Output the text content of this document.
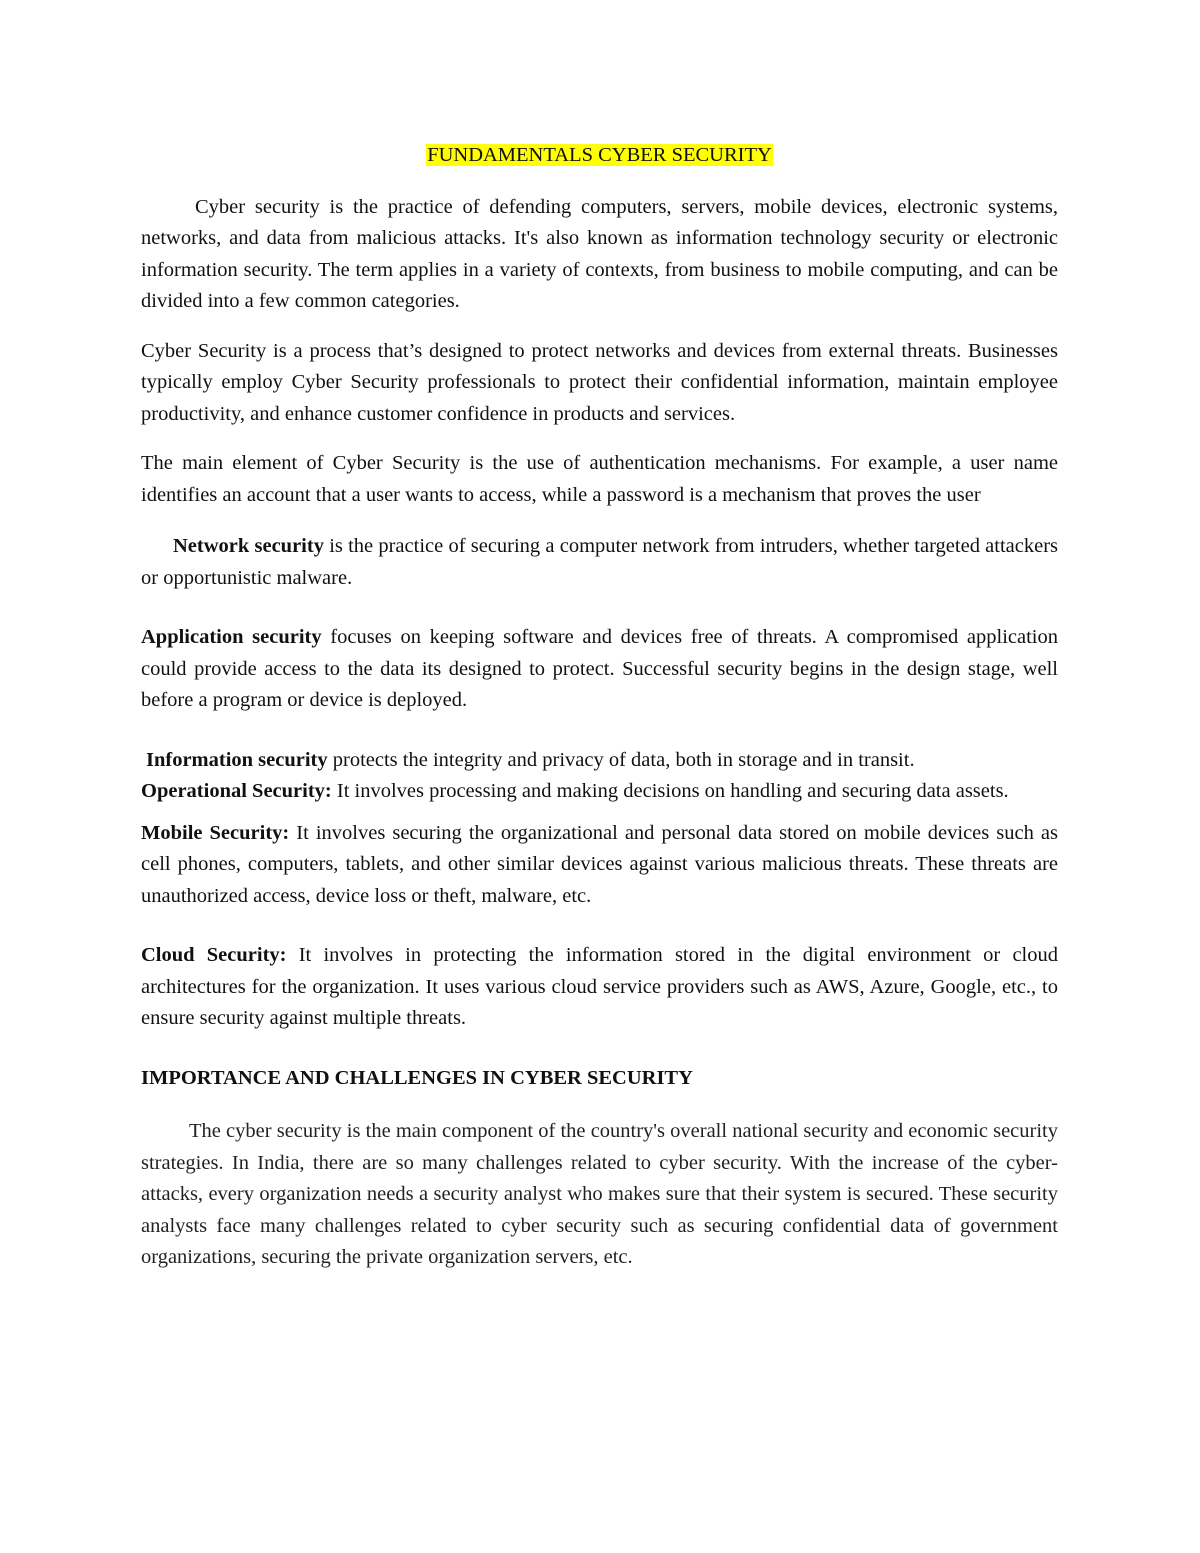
FUNDAMENTALS CYBER SECURITY

Cyber security is the practice of defending computers, servers, mobile devices, electronic systems, networks, and data from malicious attacks. It's also known as information technology security or electronic information security. The term applies in a variety of contexts, from business to mobile computing, and can be divided into a few common categories.

Cyber Security is a process that’s designed to protect networks and devices from external threats. Businesses typically employ Cyber Security professionals to protect their confidential information, maintain employee productivity, and enhance customer confidence in products and services.

The main element of Cyber Security is the use of authentication mechanisms. For example, a user name identifies an account that a user wants to access, while a password is a mechanism that proves the user

Network security is the practice of securing a computer network from intruders, whether targeted attackers or opportunistic malware.

Application security focuses on keeping software and devices free of threats. A compromised application could provide access to the data its designed to protect. Successful security begins in the design stage, well before a program or device is deployed.

Information security protects the integrity and privacy of data, both in storage and in transit.

Operational Security: It involves processing and making decisions on handling and securing data assets.

Mobile Security: It involves securing the organizational and personal data stored on mobile devices such as cell phones, computers, tablets, and other similar devices against various malicious threats. These threats are unauthorized access, device loss or theft, malware, etc.

Cloud Security: It involves in protecting the information stored in the digital environment or cloud architectures for the organization. It uses various cloud service providers such as AWS, Azure, Google, etc., to ensure security against multiple threats.

IMPORTANCE AND CHALLENGES IN CYBER SECURITY

The cyber security is the main component of the country's overall national security and economic security strategies. In India, there are so many challenges related to cyber security. With the increase of the cyber-attacks, every organization needs a security analyst who makes sure that their system is secured. These security analysts face many challenges related to cyber security such as securing confidential data of government organizations, securing the private organization servers, etc.
